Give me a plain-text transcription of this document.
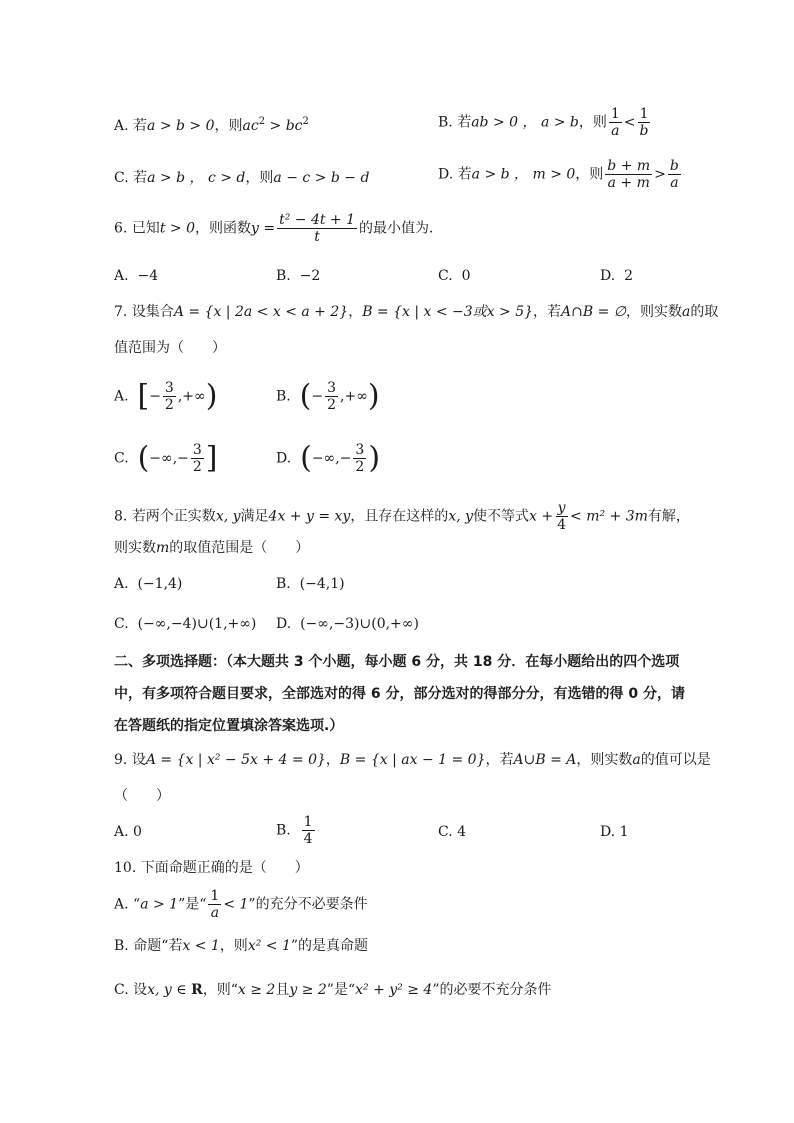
A. 若a > b > 0，则$ac^2 > bc^2$	B. 若ab > 0 ， a > b，则 $\frac{1}{a} < \frac{1}{b}$
C. 若a > b ， c > d，则a − c > b − d	D. 若a > b ， m > 0，则 $\frac{b + m}{a + m} > \frac{b}{a}$
6. 已知t > 0，则函数$y = \frac{\text{t² − 4t + 1}}{t}$ 的最小值为．
A. −4	B. −2	C. 0	D. 2
7. 设集合A = {x | 2a < x < a + 2}，B = {x | x < −3或x > 5}，若A∩B = ∅，则实数a的取
值范围为（　　）
A. [− $\frac{3}{2}$ ,+∞)	B. (− $\frac{3}{2}$ ,+∞)
C. (−∞,− $\frac{3}{2}$ ]	D. (−∞,− $\frac{3}{2}$ )
8. 若两个正实数x, y满足4x + y = xy，且存在这样的x, y使不等式$x + \frac{y}{4} < m^2 + 3m$有解，
则实数m的取值范围是（　　）
A. (−1,4)	B. (−4,1)
C. (−∞,−4)∪(1,+∞) D. (−∞,−3)∪(0,+∞)
二、多项选择题：（本大题共 3 个小题，每小题 6 分，共 18 分．在每小题给出的四个选项
中，有多项符合题目要求，全部选对的得 6 分，部分选对的得部分分，有选错的得 0 分，请
在答题纸的指定位置填涂答案选项.）
9. 设A = {x | x² − 5x + 4 = 0}，B = {x | ax − 1 = 0}，若A∪B = A，则实数a的值可以是
（　　）
A. 0	B. $\frac{1}{4}$	C. 4	D. 1
10. 下面命题正确的是（　　）
A. “a > 1”是“ $\frac{1}{a} < 1$”的充分不必要条件
B. 命题“若x < 1，则x² < 1”的是真命题
C. 设x, y ∈ R，则“x ≥ 2且y ≥ 2”是“x² + y² ≥ 4”的必要不充分条件
